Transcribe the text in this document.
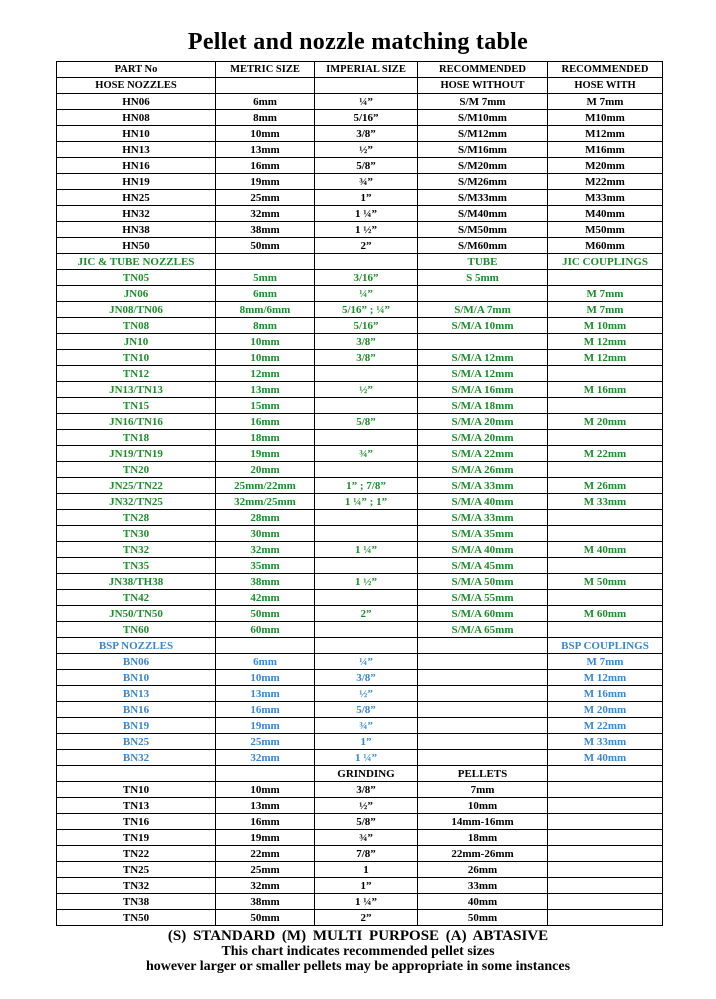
Pellet and nozzle matching table
PART No	METRIC SIZE	IMPERIAL SIZE	RECOMMENDED	RECOMMENDED
HOSE NOZZLES			HOSE WITHOUT	HOSE WITH
HN06	6mm	¼”	S/M 7mm	M 7mm
HN08	8mm	5/16”	S/M10mm	M10mm
HN10	10mm	3/8”	S/M12mm	M12mm
HN13	13mm	½”	S/M16mm	M16mm
HN16	16mm	5/8”	S/M20mm	M20mm
HN19	19mm	¾”	S/M26mm	M22mm
HN25	25mm	1”	S/M33mm	M33mm
HN32	32mm	1 ¼”	S/M40mm	M40mm
HN38	38mm	1 ½”	S/M50mm	M50mm
HN50	50mm	2”	S/M60mm	M60mm
JIC & TUBE NOZZLES			TUBE	JIC COUPLINGS
TN05	5mm	3/16”	S 5mm	
JN06	6mm	¼”		M 7mm
JN08/TN06	8mm/6mm	5/16” ; ¼”	S/M/A 7mm	M 7mm
TN08	8mm	5/16”	S/M/A 10mm	M 10mm
JN10	10mm	3/8”		M 12mm
TN10	10mm	3/8”	S/M/A 12mm	M 12mm
TN12	12mm		S/M/A 12mm	
JN13/TN13	13mm	½”	S/M/A 16mm	M 16mm
TN15	15mm		S/M/A 18mm	
JN16/TN16	16mm	5/8”	S/M/A 20mm	M 20mm
TN18	18mm		S/M/A 20mm	
JN19/TN19	19mm	¾”	S/M/A 22mm	M 22mm
TN20	20mm		S/M/A 26mm	
JN25/TN22	25mm/22mm	1” ; 7/8”	S/M/A 33mm	M 26mm
JN32/TN25	32mm/25mm	1 ¼” ; 1”	S/M/A 40mm	M 33mm
TN28	28mm		S/M/A 33mm	
TN30	30mm		S/M/A 35mm	
TN32	32mm	1 ¼”	S/M/A 40mm	M 40mm
TN35	35mm		S/M/A 45mm	
JN38/TH38	38mm	1 ½”	S/M/A 50mm	M 50mm
TN42	42mm		S/M/A 55mm	
JN50/TN50	50mm	2”	S/M/A 60mm	M 60mm
TN60	60mm		S/M/A 65mm	
BSP NOZZLES				BSP COUPLINGS
BN06	6mm	¼”		M 7mm
BN10	10mm	3/8”		M 12mm
BN13	13mm	½”		M 16mm
BN16	16mm	5/8”		M 20mm
BN19	19mm	¾”		M 22mm
BN25	25mm	1”		M 33mm
BN32	32mm	1 ¼”		M 40mm
		GRINDING	PELLETS	
TN10	10mm	3/8”	7mm	
TN13	13mm	½”	10mm	
TN16	16mm	5/8”	14mm-16mm	
TN19	19mm	¾”	18mm	
TN22	22mm	7/8”	22mm-26mm	
TN25	25mm	1	26mm	
TN32	32mm	1”	33mm	
TN38	38mm	1 ¼”	40mm	
TN50	50mm	2”	50mm	
(S) STANDARD (M) MULTI PURPOSE (A) ABTASIVE
This chart indicates recommended pellet sizes
however larger or smaller pellets may be appropriate in some instances
